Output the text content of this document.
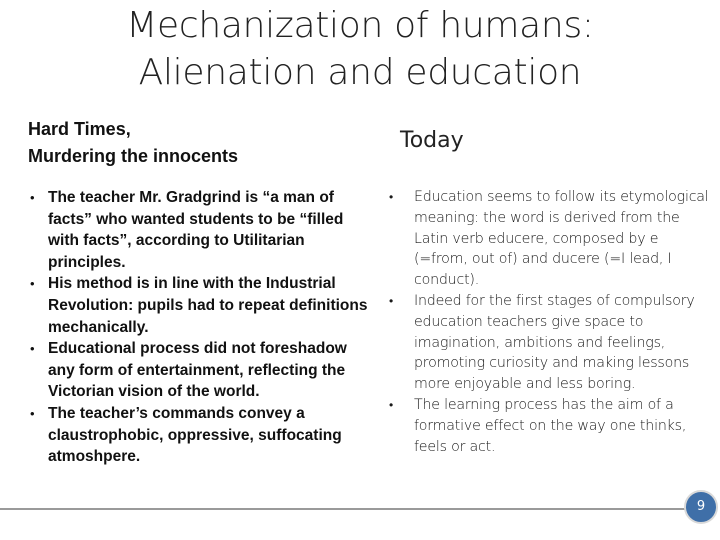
Mechanization of humans:
Alienation and education
Hard Times,
Murdering the innocents
Today
• The teacher Mr. Gradgrind is “a man of facts” who wanted students to be “filled with facts”, according to Utilitarian principles.
• His method is in line with the Industrial Revolution: pupils had to repeat definitions mechanically.
• Educational process did not foreshadow any form of entertainment, reflecting the Victorian vision of the world.
• The teacher’s commands convey a claustrophobic, oppressive, suffocating atmoshpere.
• Education seems to follow its etymological meaning: the word is derived from the Latin verb educere, composed by e (=from, out of) and ducere (=I lead, I conduct).
• Indeed for the first stages of compulsory education teachers give space to imagination, ambitions and feelings, promoting curiosity and making lessons more enjoyable and less boring.
• The learning process has the aim of a formative effect on the way one thinks, feels or act.
9
